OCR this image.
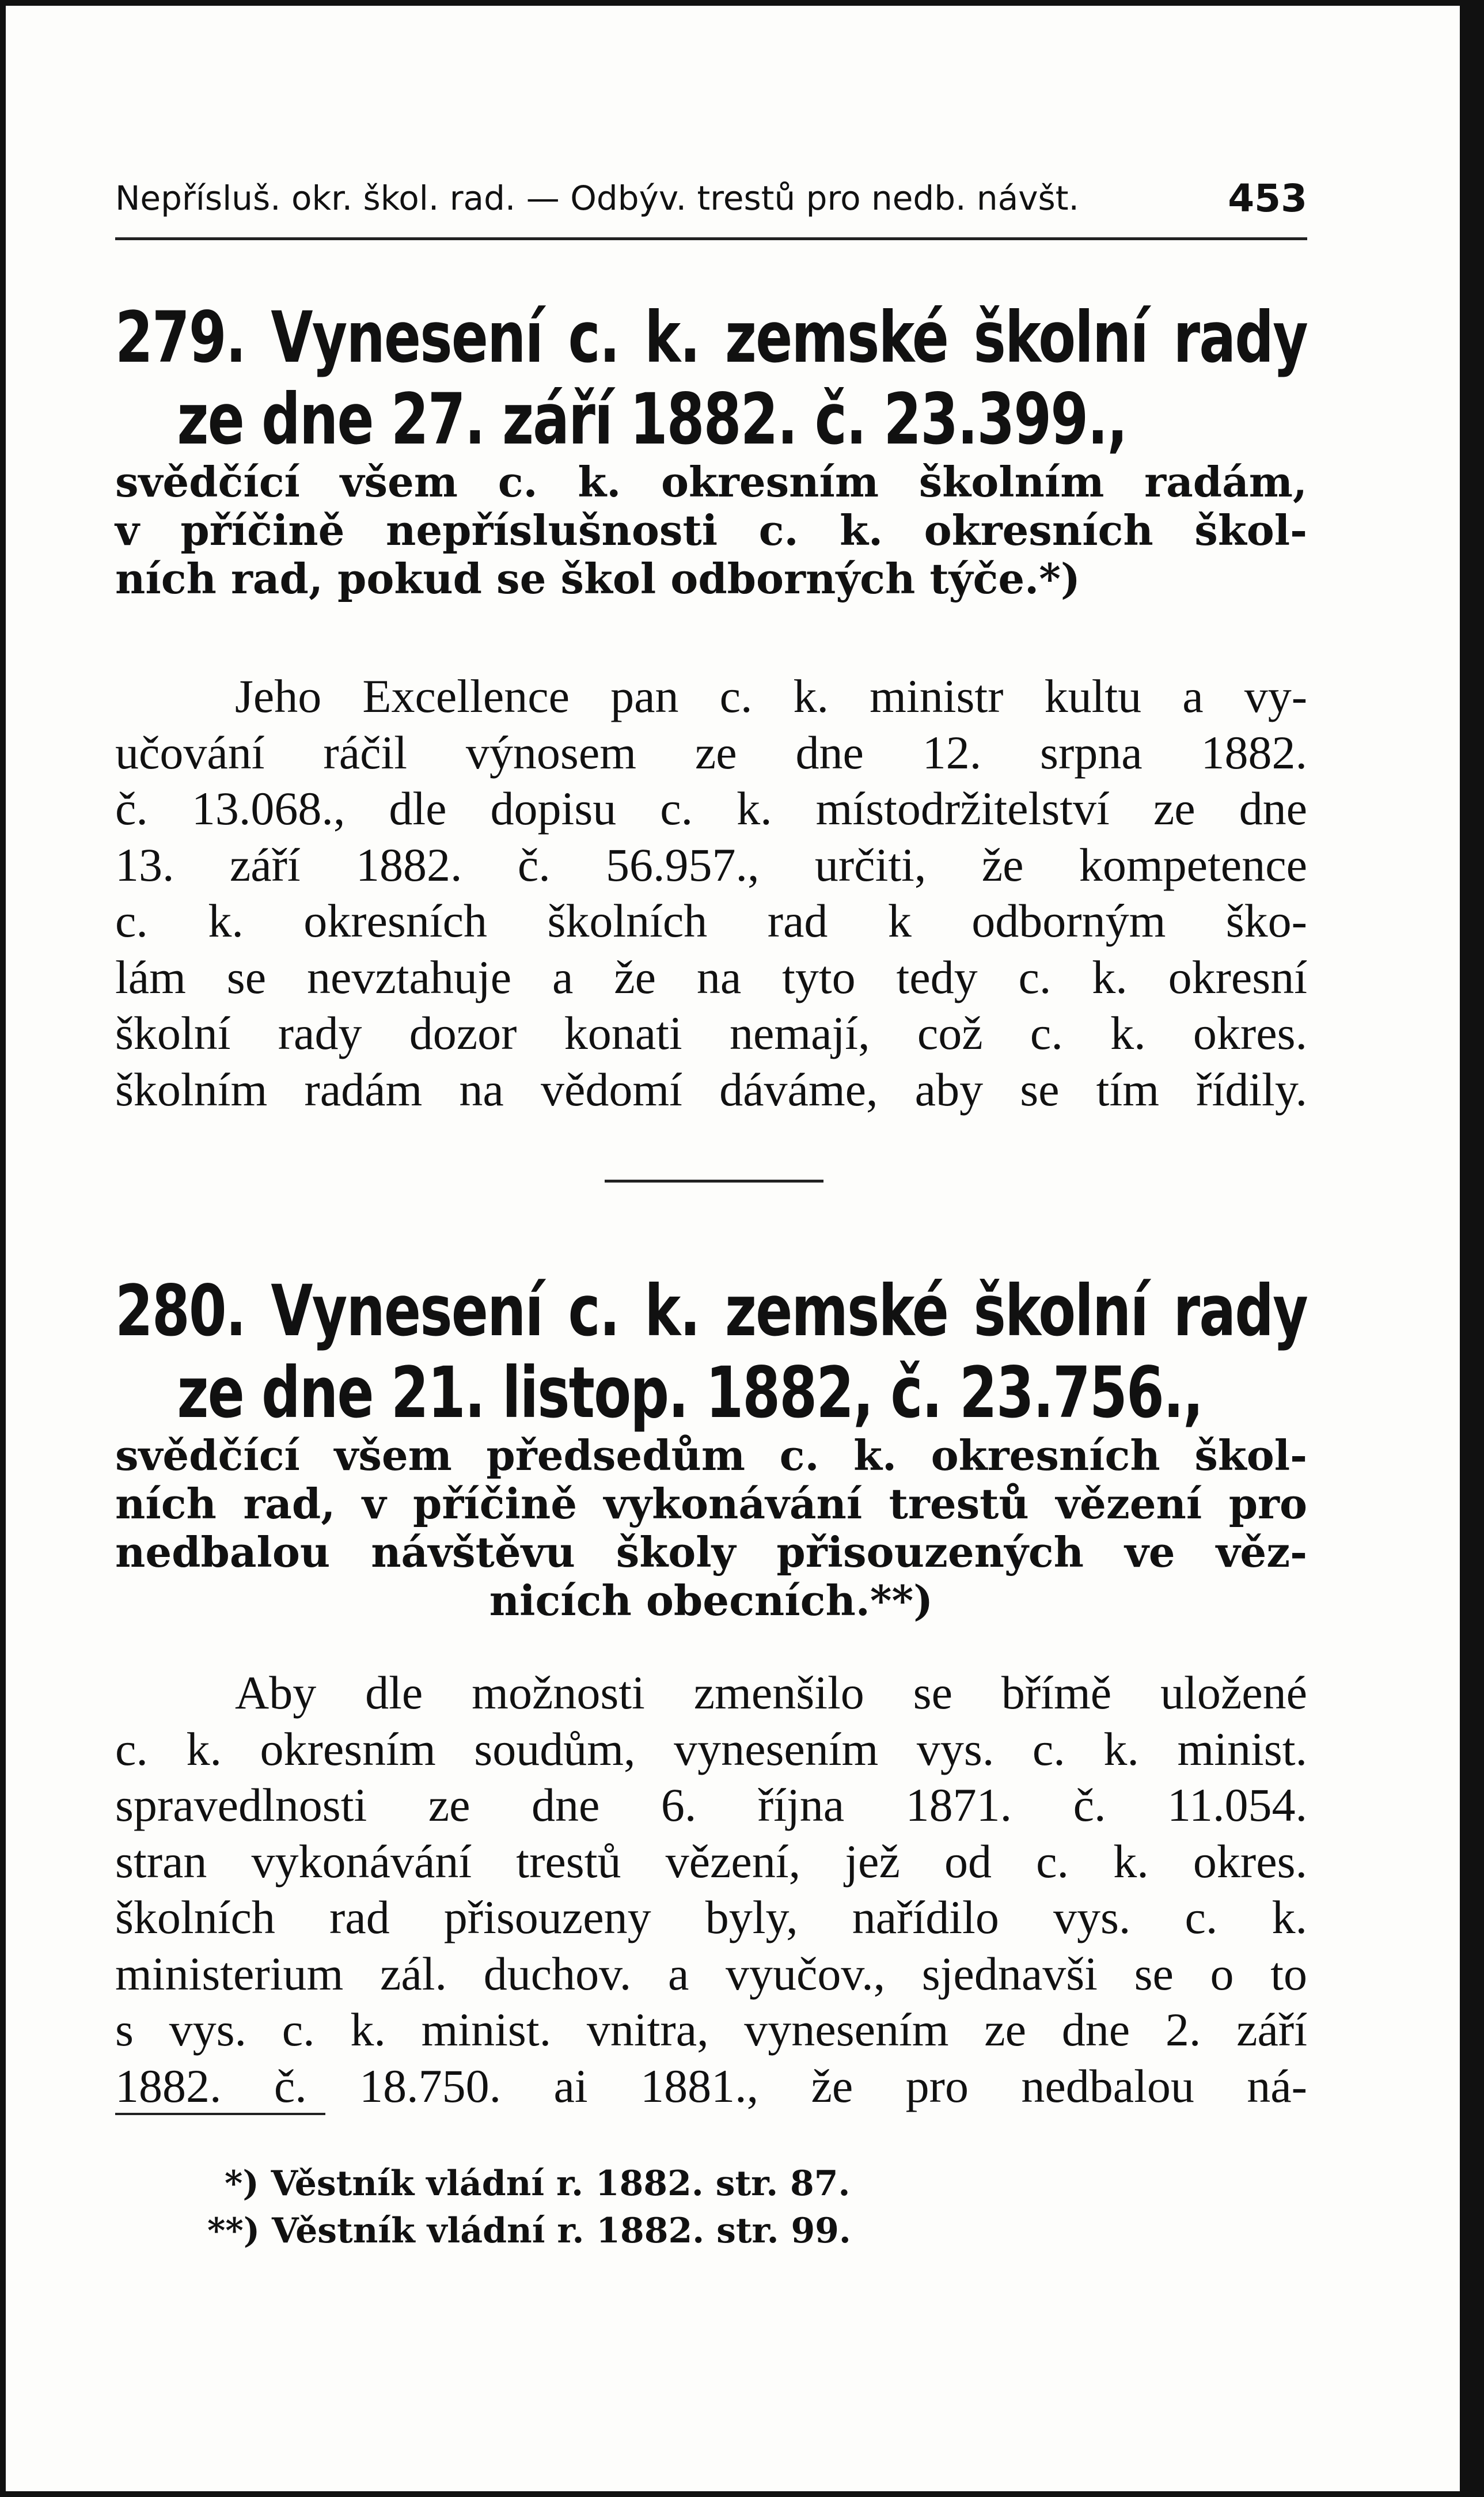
Nepřísluš. okr. škol. rad. — Odbýv. trestů pro nedb. návšt.	453
279. Vynesení c. k. zemské školní rady
ze dne 27. září 1882. č. 23.399.,
svědčící všem c. k. okresním školním radám,
v příčině nepříslušnosti c. k. okresních škol-
ních rad, pokud se škol odborných týče.*)
Jeho Excellence pan c. k. ministr kultu a vy-
učování ráčil výnosem ze dne 12. srpna 1882.
č. 13.068., dle dopisu c. k. místodržitelství ze dne
13. září 1882. č. 56.957., určiti, že kompetence
c. k. okresních školních rad k odborným ško-
lám se nevztahuje a že na tyto tedy c. k. okresní
školní rady dozor konati nemají, což c. k. okres.
školním radám na vědomí dáváme, aby se tím řídily.
280. Vynesení c. k. zemské školní rady
ze dne 21. listop. 1882, č. 23.756.,
svědčící všem předsedům c. k. okresních škol-
ních rad, v příčině vykonávání trestů vězení pro
nedbalou návštěvu školy přisouzených ve věz-
nicích obecních.**)
Aby dle možnosti zmenšilo se břímě uložené
c. k. okresním soudům, vynesením vys. c. k. minist.
spravedlnosti ze dne 6. října 1871. č. 11.054.
stran vykonávání trestů vězení, jež od c. k. okres.
školních rad přisouzeny byly, nařídilo vys. c. k.
ministerium zál. duchov. a vyučov., sjednavši se o to
s vys. c. k. minist. vnitra, vynesením ze dne 2. září
1882. č. 18.750. ai 1881., že pro nedbalou ná-
*) Věstník vládní r. 1882. str. 87.
**) Věstník vládní r. 1882. str. 99.
